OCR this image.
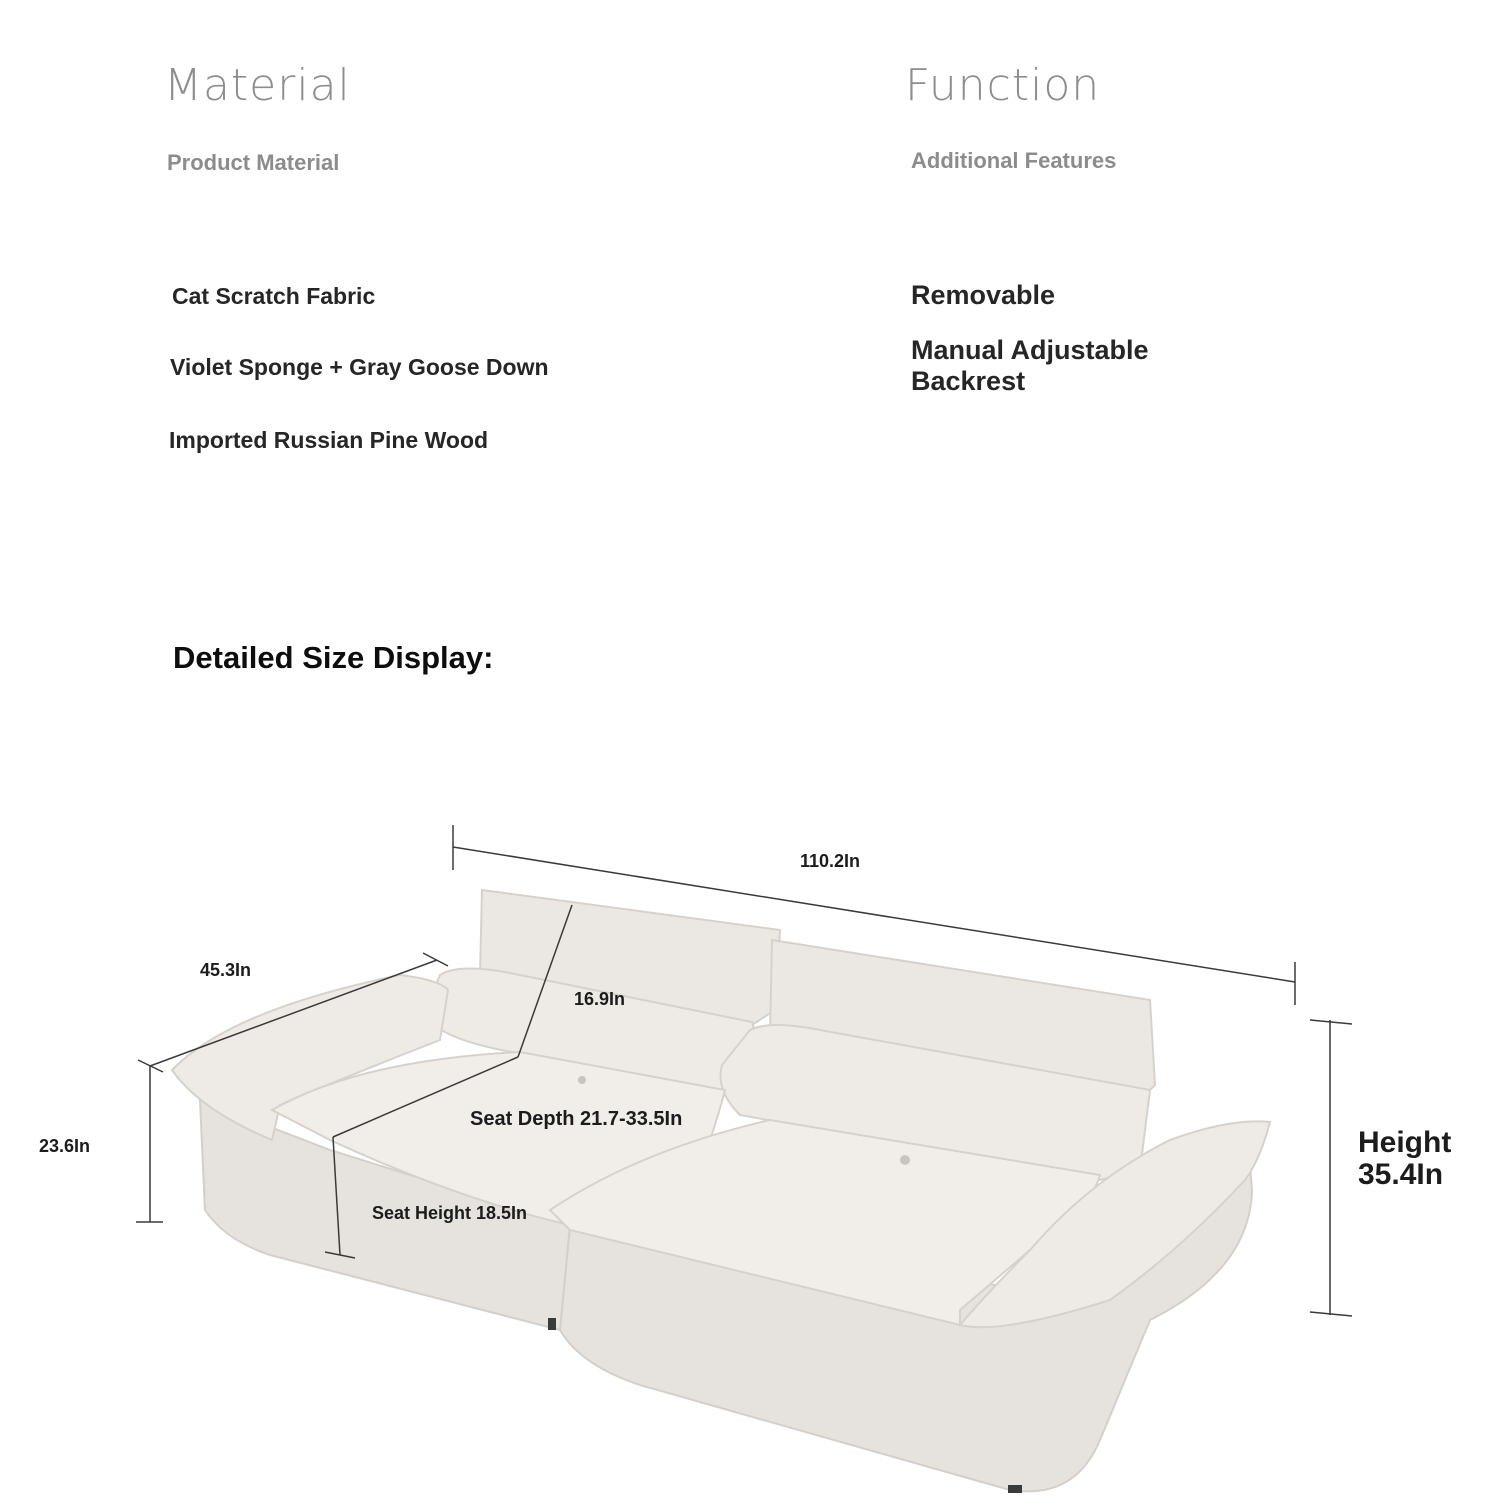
Material
Product Material
Cat Scratch Fabric
Violet Sponge + Gray Goose Down
Imported Russian Pine Wood
Function
Additional Features
Removable
Manual Adjustable
Backrest
Detailed Size Display:
110.2In
45.3In
16.9In
23.6In
Seat Depth 21.7-33.5In
Seat Height 18.5In
Height
35.4In
